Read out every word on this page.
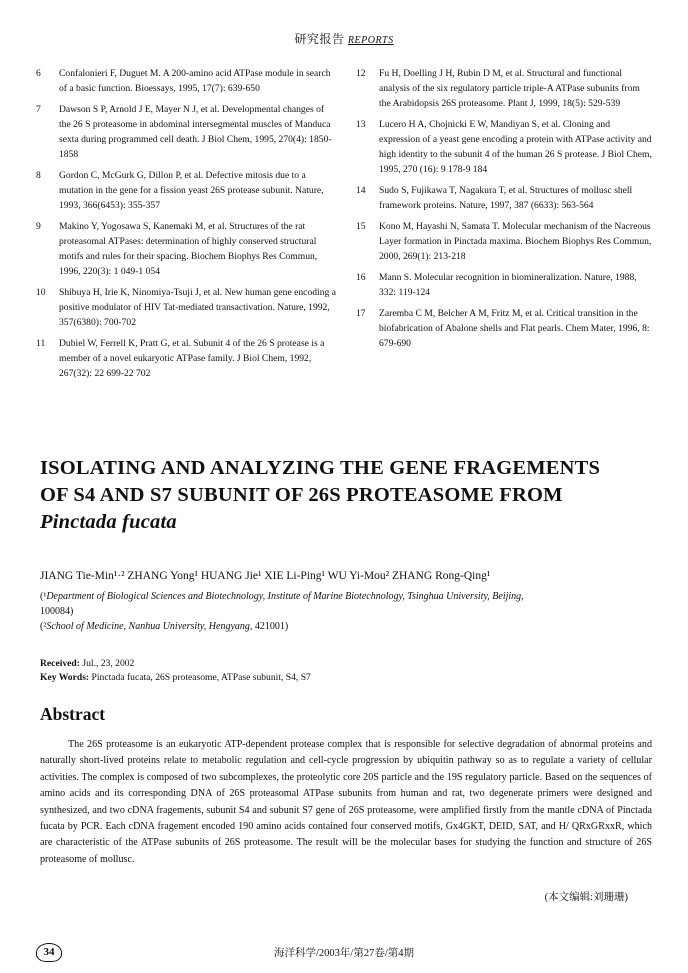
研究报告 REPORTS
6	Confalonieri F, Duguet M. A 200-amino acid ATPase module in search of a basic function. Bioessays, 1995, 17(7): 639-650
7	Dawson S P, Arnold J E, Mayer N J, et al. Developmental changes of the 26 S proteasome in abdominal intersegmental muscles of Manduca sexta during programmed cell death. J Biol Chem, 1995, 270(4): 1850-1858
8	Gordon C, McGurk G, Dillon P, et al. Defective mitosis due to a mutation in the gene for a fission yeast 26S protease subunit. Nature, 1993, 366(6453): 355-357
9	Makino Y, Yogosawa S, Kanemaki M, et al. Structures of the rat proteasomal ATPases: determination of highly conserved structural motifs and rules for their spacing. Biochem Biophys Res Commun, 1996, 220(3): 1 049-1 054
10	Shibuya H, Irie K, Ninomiya-Tsuji J, et al. New human gene encoding a positive modulator of HIV Tat-mediated transactivation. Nature, 1992, 357(6380): 700-702
11	Dubiel W, Ferrell K, Pratt G, et al. Subunit 4 of the 26 S protease is a member of a novel eukaryotic ATPase family. J Biol Chem, 1992, 267(32): 22 699-22 702
12	Fu H, Doelling J H, Rubin D M, et al. Structural and functional analysis of the six regulatory particle triple-A ATPase subunits from the Arabidopsis 26S proteasome. Plant J, 1999, 18(5): 529-539
13	Lucero H A, Chojnicki E W, Mandiyan S, et al. Cloning and expression of a yeast gene encoding a protein with ATPase activity and high identity to the subunit 4 of the human 26 S protease. J Biol Chem, 1995, 270 (16): 9 178-9 184
14	Sudo S, Fujikawa T, Nagakura T, et al. Structures of mollusc shell framework proteins. Nature, 1997, 387 (6633): 563-564
15	Kono M, Hayashi N, Samata T. Molecular mechanism of the Nacreous Layer formation in Pinctada maxima. Biochem Biophys Res Commun, 2000, 269(1): 213-218
16	Mann S. Molecular recognition in biomineralization. Nature, 1988, 332: 119-124
17	Zaremba C M, Belcher A M, Fritz M, et al. Critical transition in the biofabrication of Abalone shells and Flat pearls. Chem Mater, 1996, 8: 679-690
ISOLATING AND ANALYZING THE GENE FRAGEMENTS
OF S4 AND S7 SUBUNIT OF 26S PROTEASOME FROM
Pinctada fucata
JIANG Tie-Min¹·² ZHANG Yong¹ HUANG Jie¹ XIE Li-Ping¹ WU Yi-Mou² ZHANG Rong-Qing¹
(¹Department of Biological Sciences and Biotechnology, Institute of Marine Biotechnology, Tsinghua University, Beijing,
100084)
(²School of Medicine, Nanhua University, Hengyang, 421001)
Received: Jul., 23, 2002
Key Words: Pinctada fucata, 26S proteasome, ATPase subunit, S4, S7
Abstract
The 26S proteasome is an eukaryotic ATP-dependent protease complex that is responsible for selective degradation of abnormal proteins and naturally short-lived proteins relate to metabolic regulation and cell-cycle progression by ubiquitin pathway so as to regulate a variety of cellular activities. The complex is composed of two subcomplexes, the proteolytic core 20S particle and the 19S regulatory particle. Based on the sequences of amino acids and its corresponding DNA of 26S proteasomal ATPase subunits from human and rat, two degenerate primers were designed and synthesized, and two cDNA fragements, subunit S4 and subunit S7 gene of 26S proteasome, were amplified firstly from the mantle cDNA of Pinctada fucata by PCR. Each cDNA fragement encoded 190 amino acids contained four conserved motifs, Gx4GKT, DEID, SAT, and H/ QRxGRxxR, which are characteristic of the ATPase subunits of 26S proteasome. The result will be the molecular bases for studying the function and structure of 26S proteasome of mollusc.
(本文编辑:刘珊珊)
海洋科学/2003年/第27卷/第4期
34
